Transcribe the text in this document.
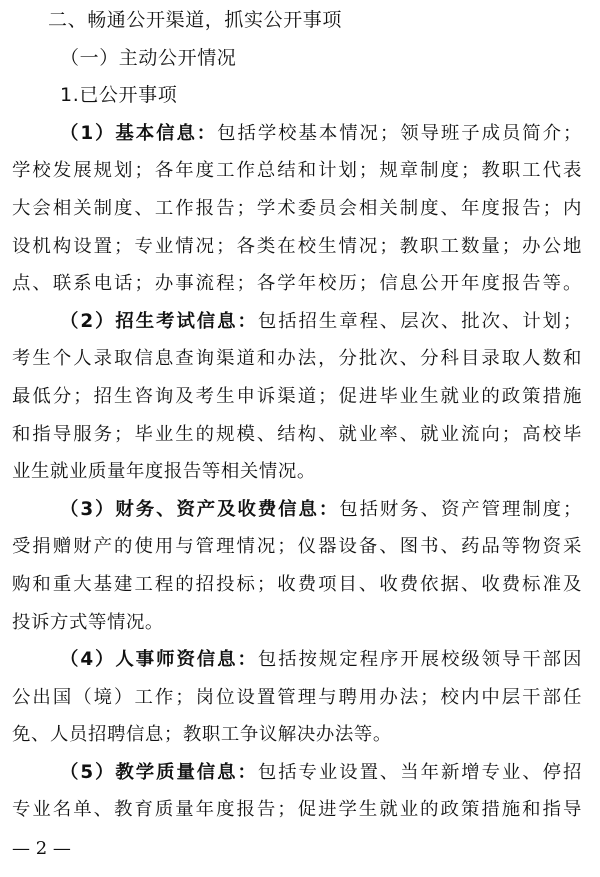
二、畅通公开渠道，抓实公开事项
（一）主动公开情况
1.已公开事项
（1）基本信息：包括学校基本情况；领导班子成员简介；
学校发展规划；各年度工作总结和计划；规章制度；教职工代表
大会相关制度、工作报告；学术委员会相关制度、年度报告；内
设机构设置；专业情况；各类在校生情况；教职工数量；办公地
点、联系电话；办事流程；各学年校历；信息公开年度报告等。
（2）招生考试信息：包括招生章程、层次、批次、计划；
考生个人录取信息查询渠道和办法，分批次、分科目录取人数和
最低分；招生咨询及考生申诉渠道；促进毕业生就业的政策措施
和指导服务；毕业生的规模、结构、就业率、就业流向；高校毕
业生就业质量年度报告等相关情况。
（3）财务、资产及收费信息：包括财务、资产管理制度；
受捐赠财产的使用与管理情况；仪器设备、图书、药品等物资采
购和重大基建工程的招投标；收费项目、收费依据、收费标准及
投诉方式等情况。
（4）人事师资信息：包括按规定程序开展校级领导干部因
公出国（境）工作；岗位设置管理与聘用办法；校内中层干部任
免、人员招聘信息；教职工争议解决办法等。
（5）教学质量信息：包括专业设置、当年新增专业、停招
专业名单、教育质量年度报告；促进学生就业的政策措施和指导
— 2 —
